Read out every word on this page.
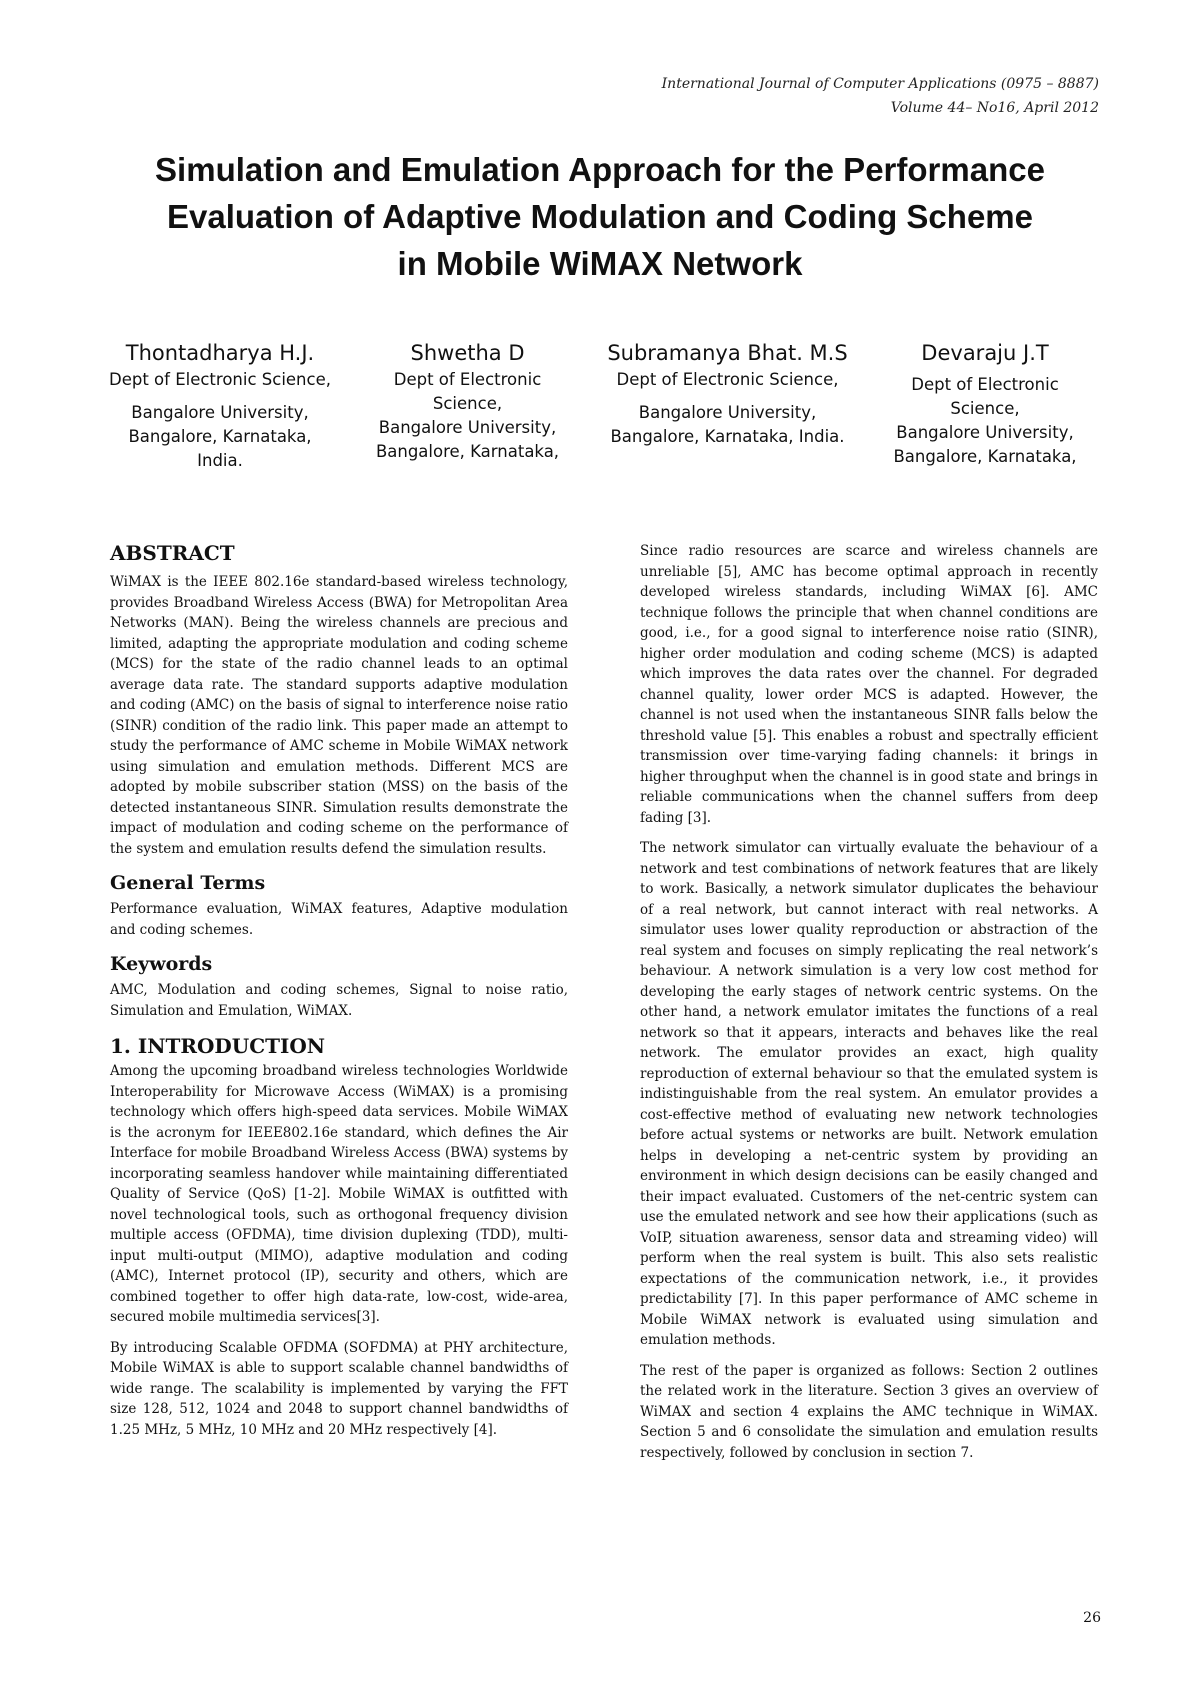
International Journal of Computer Applications (0975 – 8887)
Volume 44– No16, April 2012
Simulation and Emulation Approach for the Performance
Evaluation of Adaptive Modulation and Coding Scheme
in Mobile WiMAX Network
Thontadharya H.J.
Dept of Electronic Science,
Bangalore University,
Bangalore, Karnataka,
India.
Shwetha D
Dept of Electronic
Science,
Bangalore University,
Bangalore, Karnataka,
Subramanya Bhat. M.S
Dept of Electronic Science,
Bangalore University,
Bangalore, Karnataka, India.
Devaraju J.T
Dept of Electronic
Science,
Bangalore University,
Bangalore, Karnataka,
ABSTRACT

WiMAX is the IEEE 802.16e standard-based wireless technology, provides Broadband Wireless Access (BWA) for Metropolitan Area Networks (MAN). Being the wireless channels are precious and limited, adapting the appropriate modulation and coding scheme (MCS) for the state of the radio channel leads to an optimal average data rate. The standard supports adaptive modulation and coding (AMC) on the basis of signal to interference noise ratio (SINR) condition of the radio link. This paper made an attempt to study the performance of AMC scheme in Mobile WiMAX network using simulation and emulation methods. Different MCS are adopted by mobile subscriber station (MSS) on the basis of the detected instantaneous SINR. Simulation results demonstrate the impact of modulation and coding scheme on the performance of the system and emulation results defend the simulation results.

General Terms

Performance evaluation, WiMAX features, Adaptive modulation and coding schemes.

Keywords

AMC, Modulation and coding schemes, Signal to noise ratio, Simulation and Emulation, WiMAX.

1. INTRODUCTION

Among the upcoming broadband wireless technologies Worldwide Interoperability for Microwave Access (WiMAX) is a promising technology which offers high-speed data services. Mobile WiMAX is the acronym for IEEE802.16e standard, which defines the Air Interface for mobile Broadband Wireless Access (BWA) systems by incorporating seamless handover while maintaining differentiated Quality of Service (QoS) [1-2]. Mobile WiMAX is outfitted with novel technological tools, such as orthogonal frequency division multiple access (OFDMA), time division duplexing (TDD), multi-input multi-output (MIMO), adaptive modulation and coding (AMC), Internet protocol (IP), security and others, which are combined together to offer high data-rate, low-cost, wide-area, secured mobile multimedia services[3].

By introducing Scalable OFDMA (SOFDMA) at PHY architecture, Mobile WiMAX is able to support scalable channel bandwidths of wide range. The scalability is implemented by varying the FFT size 128, 512, 1024 and 2048 to support channel bandwidths of 1.25 MHz, 5 MHz, 10 MHz and 20 MHz respectively [4].

Since radio resources are scarce and wireless channels are unreliable [5], AMC has become optimal approach in recently developed wireless standards, including WiMAX [6]. AMC technique follows the principle that when channel conditions are good, i.e., for a good signal to interference noise ratio (SINR), higher order modulation and coding scheme (MCS) is adapted which improves the data rates over the channel. For degraded channel quality, lower order MCS is adapted. However, the channel is not used when the instantaneous SINR falls below the threshold value [5]. This enables a robust and spectrally efficient transmission over time-varying fading channels: it brings in higher throughput when the channel is in good state and brings in reliable communications when the channel suffers from deep fading [3].

The network simulator can virtually evaluate the behaviour of a network and test combinations of network features that are likely to work. Basically, a network simulator duplicates the behaviour of a real network, but cannot interact with real networks. A simulator uses lower quality reproduction or abstraction of the real system and focuses on simply replicating the real network’s behaviour. A network simulation is a very low cost method for developing the early stages of network centric systems. On the other hand, a network emulator imitates the functions of a real network so that it appears, interacts and behaves like the real network. The emulator provides an exact, high quality reproduction of external behaviour so that the emulated system is indistinguishable from the real system. An emulator provides a cost-effective method of evaluating new network technologies before actual systems or networks are built. Network emulation helps in developing a net-centric system by providing an environment in which design decisions can be easily changed and their impact evaluated. Customers of the net-centric system can use the emulated network and see how their applications (such as VoIP, situation awareness, sensor data and streaming video) will perform when the real system is built. This also sets realistic expectations of the communication network, i.e., it provides predictability [7]. In this paper performance of AMC scheme in Mobile WiMAX network is evaluated using simulation and emulation methods.

The rest of the paper is organized as follows: Section 2 outlines the related work in the literature. Section 3 gives an overview of WiMAX and section 4 explains the AMC technique in WiMAX. Section 5 and 6 consolidate the simulation and emulation results respectively, followed by conclusion in section 7.

26
